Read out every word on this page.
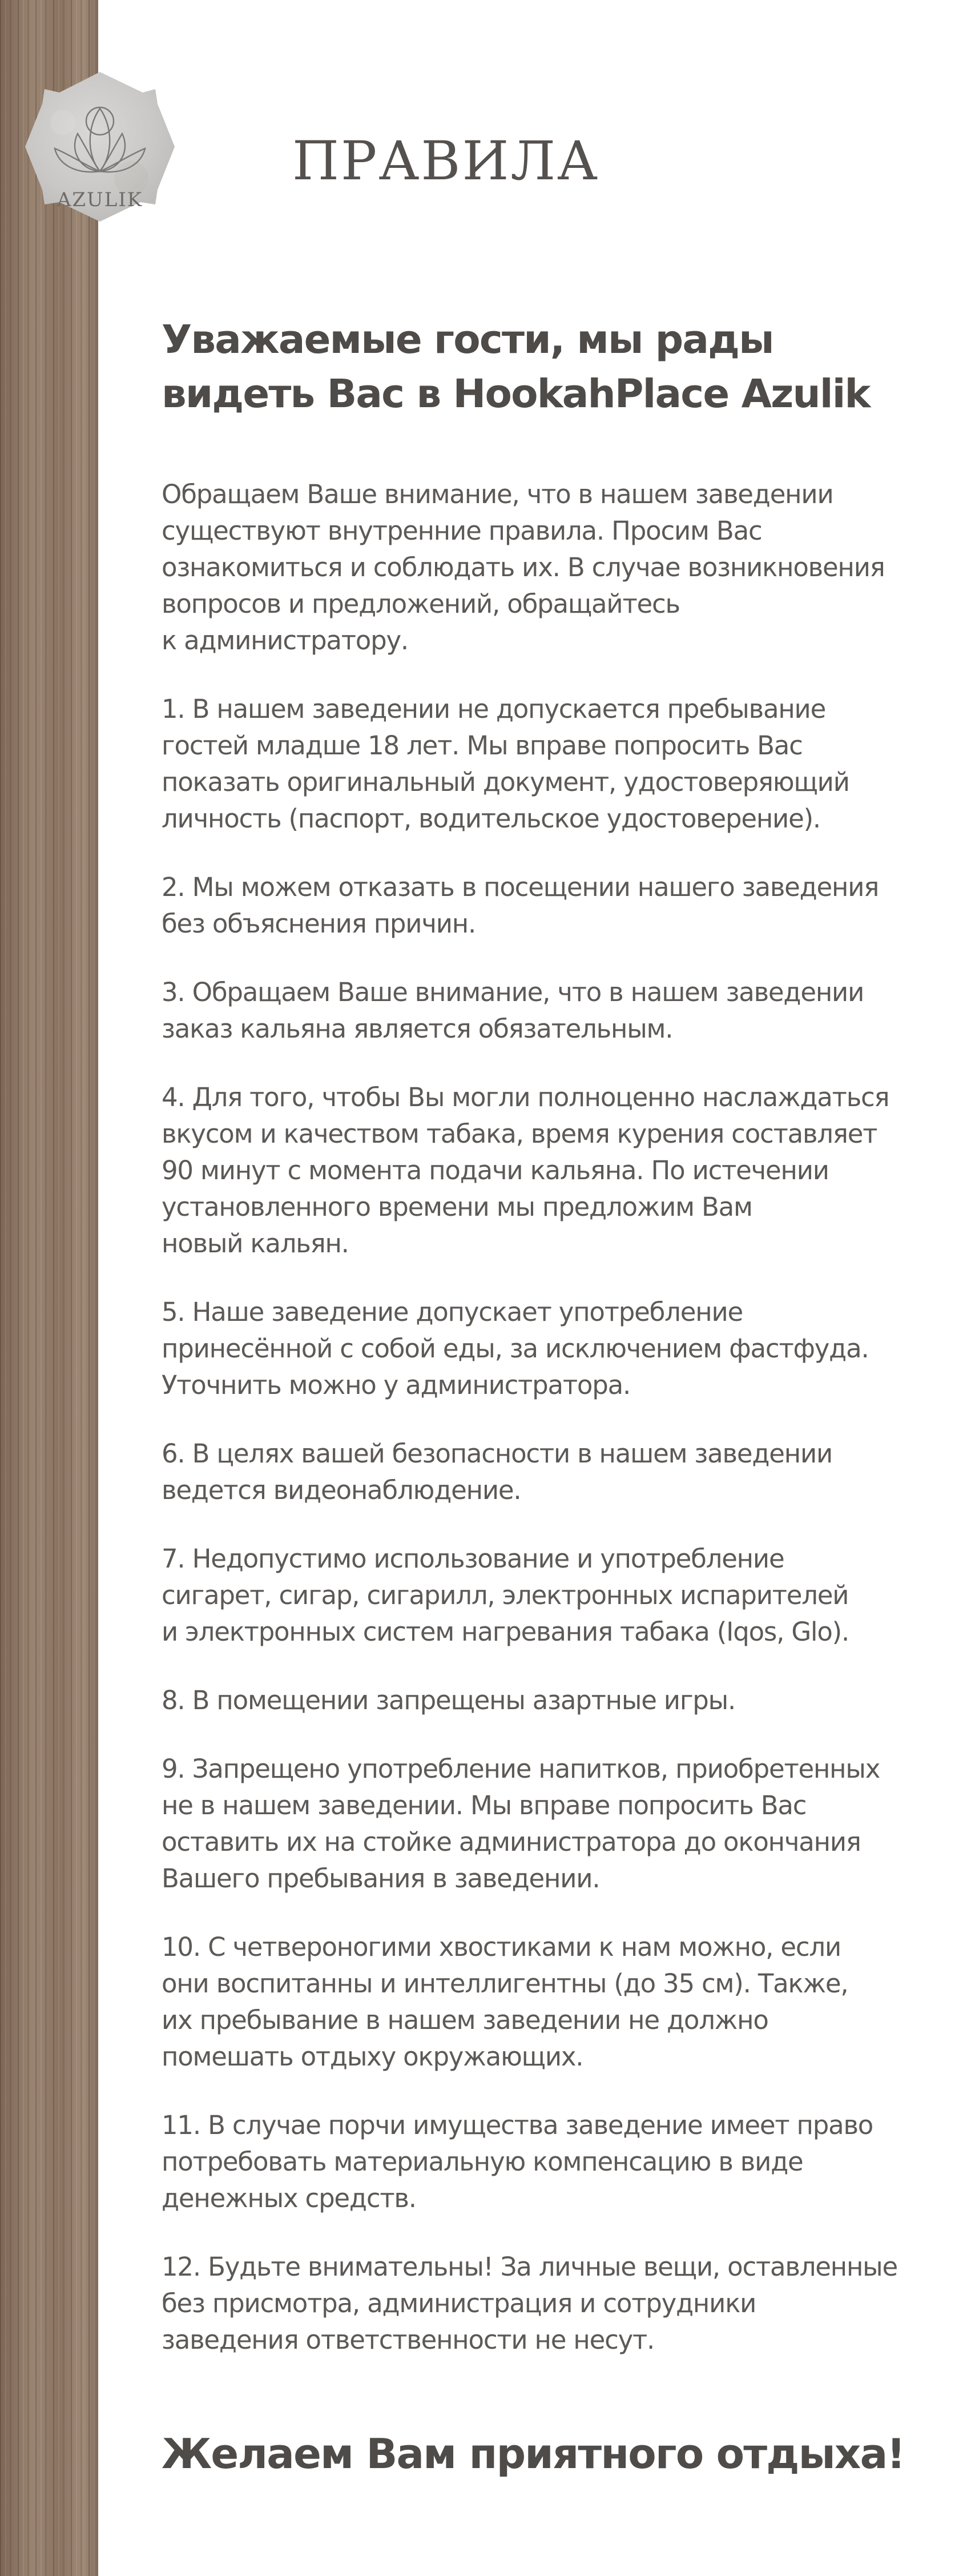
AZULIK
ПРАВИЛА
Уважаемые гости, мы рады
видеть Вас в HookahPlace Azulik

Обращаем Ваше внимание, что в нашем заведении
существуют внутренние правила. Просим Вас
ознакомиться и соблюдать их. В случае возникновения
вопросов и предложений, обращайтесь
к администратору.

1. В нашем заведении не допускается пребывание
гостей младше 18 лет. Мы вправе попросить Вас
показать оригинальный документ, удостоверяющий
личность (паспорт, водительское удостоверение).

2. Мы можем отказать в посещении нашего заведения
без объяснения причин.

3. Обращаем Ваше внимание, что в нашем заведении
заказ кальяна является обязательным.

4. Для того, чтобы Вы могли полноценно наслаждаться
вкусом и качеством табака, время курения составляет
90 минут с момента подачи кальяна. По истечении
установленного времени мы предложим Вам
новый кальян.

5. Наше заведение допускает употребление
принесённой с собой еды, за исключением фастфуда.
Уточнить можно у администратора.

6. В целях вашей безопасности в нашем заведении
ведется видеонаблюдение.

7. Недопустимо использование и употребление
сигарет, сигар, сигарилл, электронных испарителей
и электронных систем нагревания табака (Iqos, Glo).

8. В помещении запрещены азартные игры.

9. Запрещено употребление напитков, приобретенных
не в нашем заведении. Мы вправе попросить Вас
оставить их на стойке администратора до окончания
Вашего пребывания в заведении.

10. С четвероногими хвостиками к нам можно, если
они воспитанны и интеллигентны (до 35 см). Также,
их пребывание в нашем заведении не должно
помешать отдыху окружающих.

11. В случае порчи имущества заведение имеет право
потребовать материальную компенсацию в виде
денежных средств.

12. Будьте внимательны! За личные вещи, оставленные
без присмотра, администрация и сотрудники
заведения ответственности не несут.

Желаем Вам приятного отдыха!
